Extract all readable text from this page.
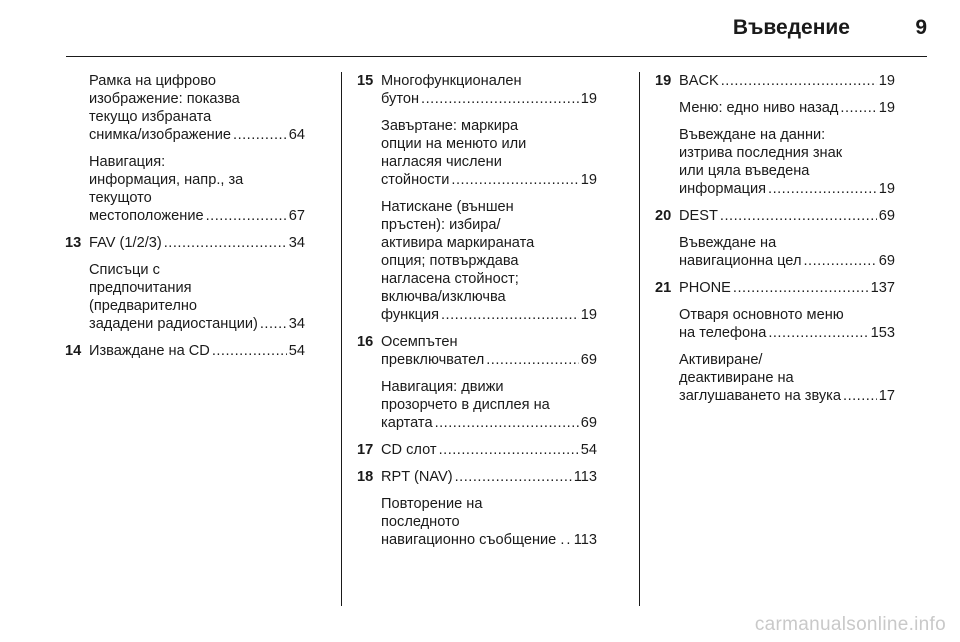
Въведение	9
Рамка на цифрово
изображение: показва
текущо избраната
снимка/изображение .....	64
Навигация:
информация, напр., за
текущото
местоположение .....	67
13 FAV (1/2/3) .....	34
Списъци с
предпочитания
(предварително
зададени радиостанции) ..... 34
14 Изваждане на CD .....	54
15 Многофункционален
бутон .....	19
Завъртане: маркира
опции на менюто или
нагласяя числени
стойности .....	19
Натискане (външен
пръстен): избира/
активира маркираната
опция; потвърждава
нагласена стойност;
включва/изключва
функция .....	19
16 Осемпътен
превключвател .....	69
Навигация: движи
прозорчето в дисплея на
картата .....	69
17 CD слот .....	54
18 RPT (NAV) .....	113
Повторение на
последното
навигационно съобщение . ..... 113
19 BACK .....	19
Меню: едно ниво назад .....	19
Въвеждане на данни:
изтрива последния знак
или цяла въведена
информация .....	19
20 DEST .....	69
Въвеждане на
навигационна цел .....	69
21 PHONE .....	137
Отваря основното меню
на телефона .....	153
Активиране/
деактивиране на
заглушаването на звука .....	17
carmanualsonline.info
